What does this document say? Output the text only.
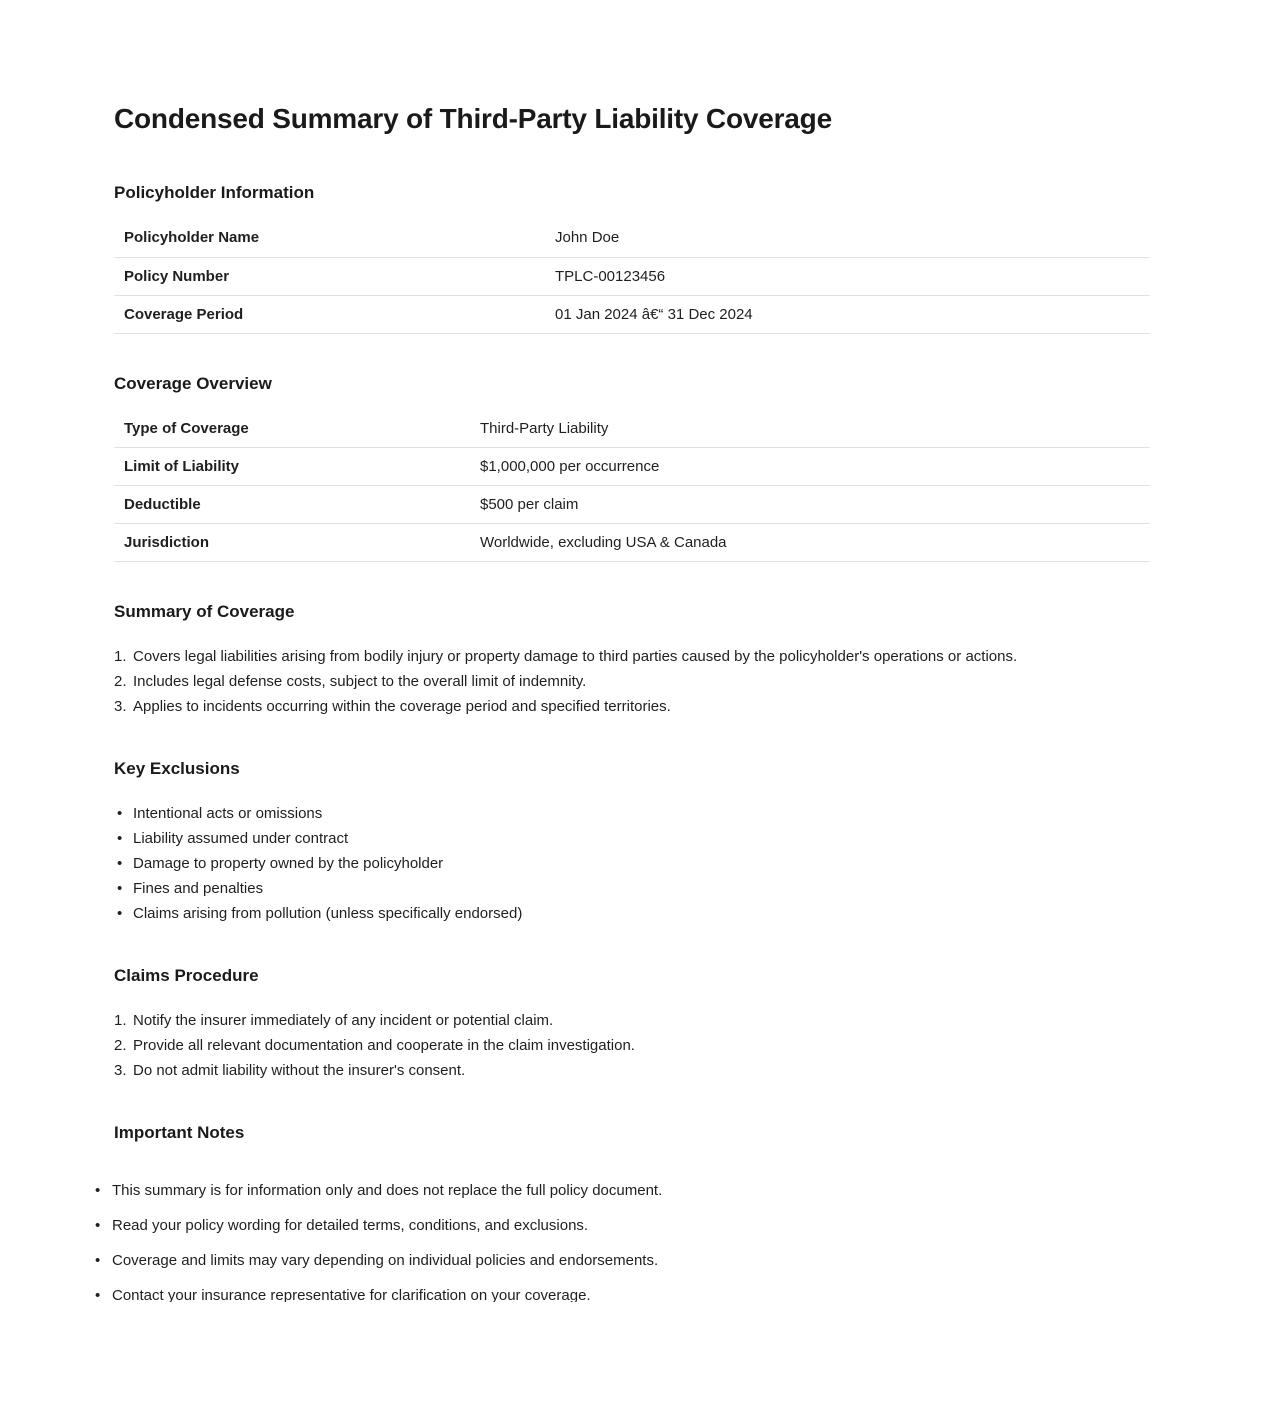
Condensed Summary of Third-Party Liability Coverage
Policyholder Information
Policyholder Name	John Doe
Policy Number	TPLC-00123456
Coverage Period	01 Jan 2024 â€“ 31 Dec 2024
Coverage Overview
Type of Coverage	Third-Party Liability
Limit of Liability	$1,000,000 per occurrence
Deductible	$500 per claim
Jurisdiction	Worldwide, excluding USA & Canada
Summary of Coverage
Covers legal liabilities arising from bodily injury or property damage to third parties caused by the policyholder's operations or actions.
Includes legal defense costs, subject to the overall limit of indemnity.
Applies to incidents occurring within the coverage period and specified territories.
Key Exclusions
• Intentional acts or omissions
• Liability assumed under contract
• Damage to property owned by the policyholder
• Fines and penalties
• Claims arising from pollution (unless specifically endorsed)
Claims Procedure
Notify the insurer immediately of any incident or potential claim.
Provide all relevant documentation and cooperate in the claim investigation.
Do not admit liability without the insurer's consent.
Important Notes
• This summary is for information only and does not replace the full policy document.
• Read your policy wording for detailed terms, conditions, and exclusions.
• Coverage and limits may vary depending on individual policies and endorsements.
• Contact your insurance representative for clarification on your coverage.
